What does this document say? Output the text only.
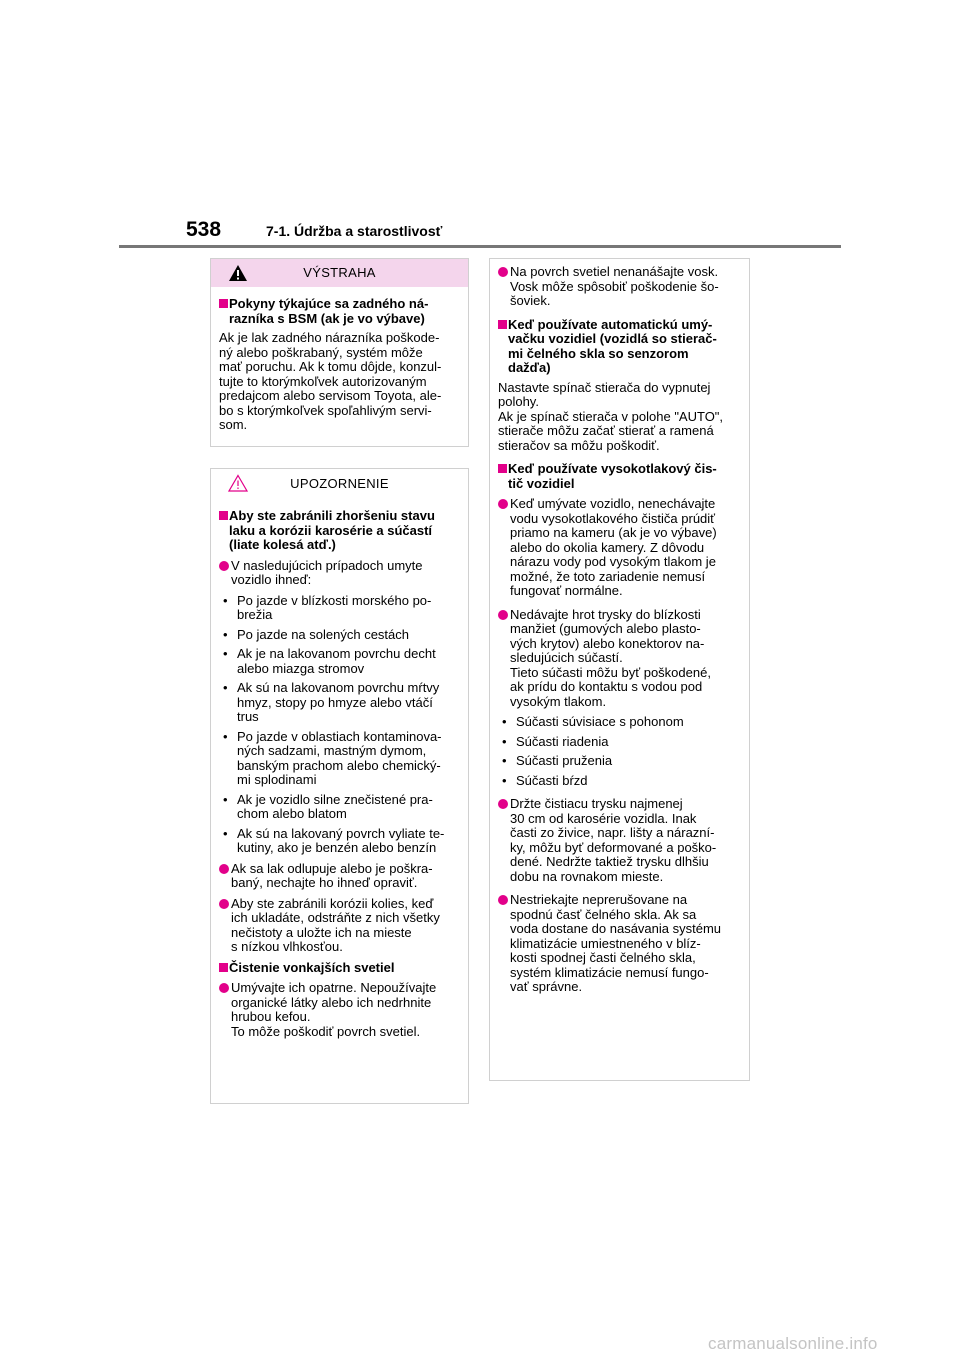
538	7-1. Údržba a starostlivosť
VÝSTRAHA
Pokyny týkajúce sa zadného ná-
razníka s BSM (ak je vo výbave)
Ak je lak zadného nárazníka poškode-
ný alebo poškrabaný, systém môže
mať poruchu. Ak k tomu dôjde, konzul-
tujte to ktorýmkoľvek autorizovaným
predajcom alebo servisom Toyota, ale-
bo s ktorýmkoľvek spoľahlivým servi-
som.
UPOZORNENIE
Aby ste zabránili zhoršeniu stavu
laku a korózii karosérie a súčastí
(liate kolesá atď.)
V nasledujúcich prípadoch umyte
vozidlo ihneď:
• Po jazde v blízkosti morského po-
brežia
• Po jazde na solených cestách
• Ak je na lakovanom povrchu decht
alebo miazga stromov
• Ak sú na lakovanom povrchu mŕtvy
hmyz, stopy po hmyze alebo vtáčí
trus
• Po jazde v oblastiach kontaminova-
ných sadzami, mastným dymom,
banským prachom alebo chemický-
mi splodinami
• Ak je vozidlo silne znečistené pra-
chom alebo blatom
• Ak sú na lakovaný povrch vyliate te-
kutiny, ako je benzén alebo benzín
Ak sa lak odlupuje alebo je poškra-
baný, nechajte ho ihneď opraviť.
Aby ste zabránili korózii kolies, keď
ich ukladáte, odstráňte z nich všetky
nečistoty a uložte ich na mieste
s nízkou vlhkosťou.
Čistenie vonkajších svetiel
Umývajte ich opatrne. Nepoužívajte
organické látky alebo ich nedrhnite
hrubou kefou.
To môže poškodiť povrch svetiel.
Na povrch svetiel nenanášajte vosk.
Vosk môže spôsobiť poškodenie šo-
šoviek.
Keď používate automatickú umý-
vačku vozidiel (vozidlá so stierač-
mi čelného skla so senzorom
dažďa)
Nastavte spínač stierača do vypnutej
polohy.
Ak je spínač stierača v polohe "AUTO",
stierače môžu začať stierať a ramená
stieračov sa môžu poškodiť.
Keď používate vysokotlakový čis-
tič vozidiel
Keď umývate vozidlo, nenechávajte
vodu vysokotlakového čističa prúdiť
priamo na kameru (ak je vo výbave)
alebo do okolia kamery. Z dôvodu
nárazu vody pod vysokým tlakom je
možné, že toto zariadenie nemusí
fungovať normálne.
Nedávajte hrot trysky do blízkosti
manžiet (gumových alebo plasto-
vých krytov) alebo konektorov na-
sledujúcich súčastí.
Tieto súčasti môžu byť poškodené,
ak prídu do kontaktu s vodou pod
vysokým tlakom.
• Súčasti súvisiace s pohonom
• Súčasti riadenia
• Súčasti pruženia
• Súčasti bŕzd
Držte čistiacu trysku najmenej
30 cm od karosérie vozidla. Inak
časti zo živice, napr. lišty a nárazní-
ky, môžu byť deformované a poško-
dené. Nedržte taktiež trysku dlhšiu
dobu na rovnakom mieste.
Nestriekajte neprerušovane na
spodnú časť čelného skla. Ak sa
voda dostane do nasávania systému
klimatizácie umiestneného v blíz-
kosti spodnej časti čelného skla,
systém klimatizácie nemusí fungo-
vať správne.
carmanualsonline.info
